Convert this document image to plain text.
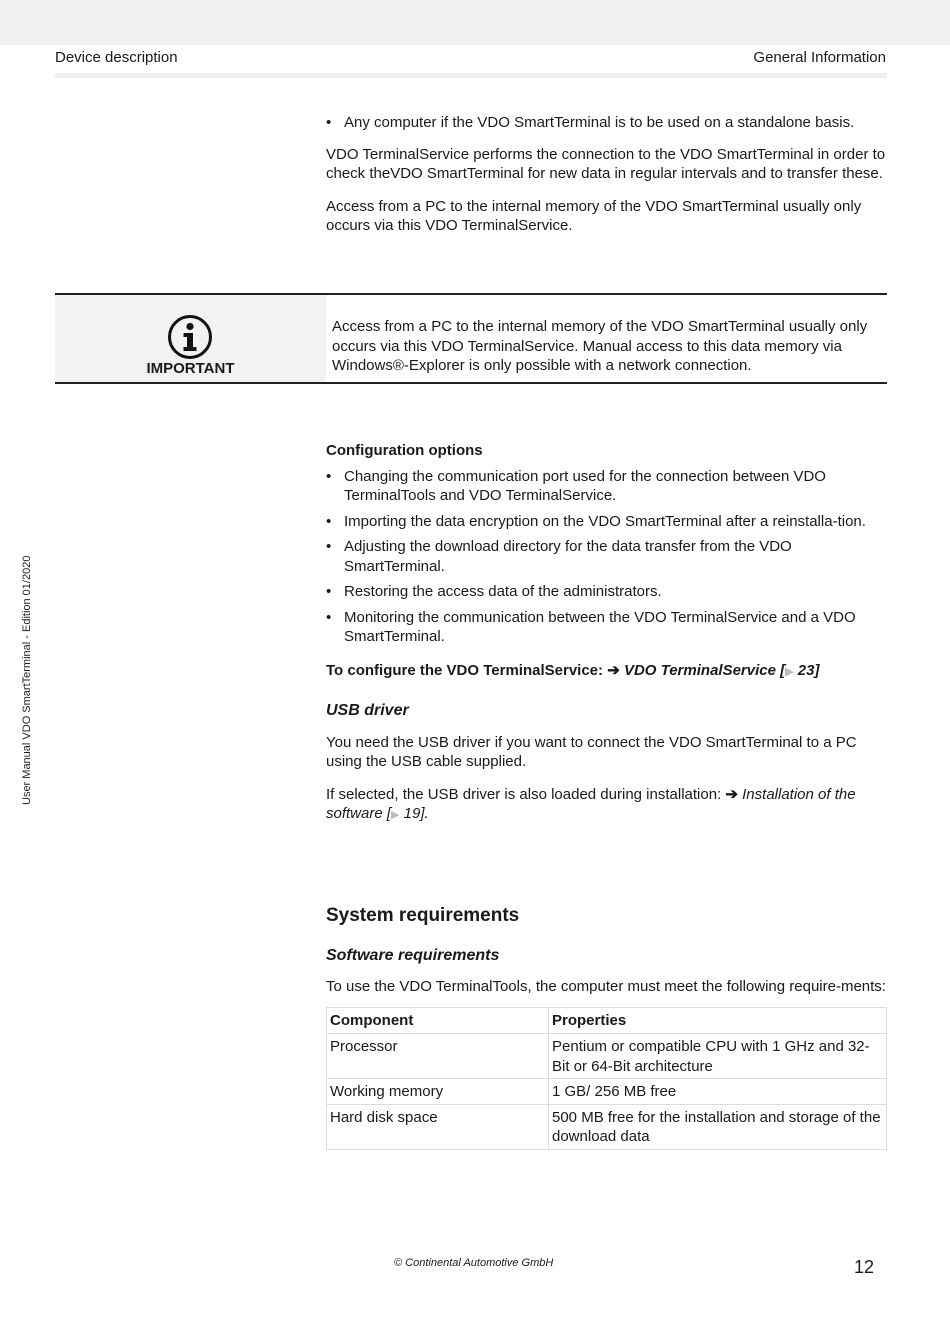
Device description	General Information
User Manual VDO SmartTerminal - Edition 01/2020
• Any computer if the VDO SmartTerminal is to be used on a standalone basis.

VDO TerminalService performs the connection to the VDO SmartTerminal in order to check theVDO SmartTerminal for new data in regular intervals and to transfer these.

Access from a PC to the internal memory of the VDO SmartTerminal usually only occurs via this VDO TerminalService.

IMPORTANT
Access from a PC to the internal memory of the VDO SmartTerminal usually only occurs via this VDO TerminalService. Manual access to this data memory via Windows®-Explorer is only possible with a network connection.
Configuration options
• Changing the communication port used for the connection between VDO TerminalTools and VDO TerminalService.
• Importing the data encryption on the VDO SmartTerminal after a reinstalla-tion.
• Adjusting the download directory for the data transfer from the VDO SmartTerminal.
• Restoring the access data of the administrators.
• Monitoring the communication between the VDO TerminalService and a VDO SmartTerminal.
To configure the VDO TerminalService: ➔ VDO TerminalService [▶ 23]
USB driver

You need the USB driver if you want to connect the VDO SmartTerminal to a PC using the USB cable supplied.

If selected, the USB driver is also loaded during installation: ➔ Installation of the software [▶ 19].

System requirements
Software requirements

To use the VDO TerminalTools, the computer must meet the following require-ments:

Component	Properties
Processor	Pentium or compatible CPU with 1 GHz and 32-Bit or 64-Bit architecture
Working memory	1 GB/ 256 MB free
Hard disk space	500 MB free for the installation and storage of the download data
© Continental Automotive GmbH	12
